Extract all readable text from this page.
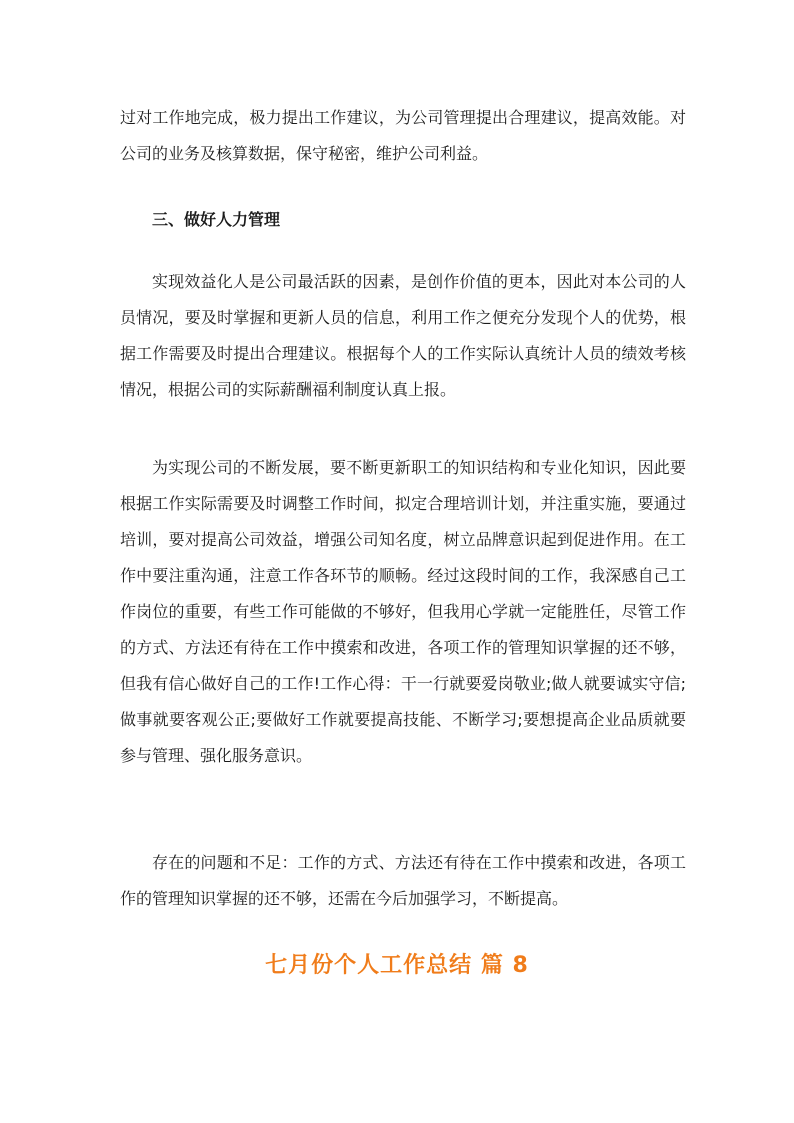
过对工作地完成，极力提出工作建议，为公司管理提出合理建议，提高效能。对公司的业务及核算数据，保守秘密，维护公司利益。

三、做好人力管理

实现效益化人是公司最活跃的因素，是创作价值的更本，因此对本公司的人员情况，要及时掌握和更新人员的信息，利用工作之便充分发现个人的优势，根据工作需要及时提出合理建议。根据每个人的工作实际认真统计人员的绩效考核情况，根据公司的实际薪酬福利制度认真上报。

为实现公司的不断发展，要不断更新职工的知识结构和专业化知识，因此要根据工作实际需要及时调整工作时间，拟定合理培训计划，并注重实施，要通过培训，要对提高公司效益，增强公司知名度，树立品牌意识起到促进作用。在工作中要注重沟通，注意工作各环节的顺畅。经过这段时间的工作，我深感自己工作岗位的重要，有些工作可能做的不够好，但我用心学就一定能胜任，尽管工作的方式、方法还有待在工作中摸索和改进，各项工作的管理知识掌握的还不够，但我有信心做好自己的工作!工作心得：干一行就要爱岗敬业;做人就要诚实守信;做事就要客观公正;要做好工作就要提高技能、不断学习;要想提高企业品质就要参与管理、强化服务意识。

存在的问题和不足：工作的方式、方法还有待在工作中摸索和改进，各项工作的管理知识掌握的还不够，还需在今后加强学习，不断提高。

七月份个人工作总结 篇 8
